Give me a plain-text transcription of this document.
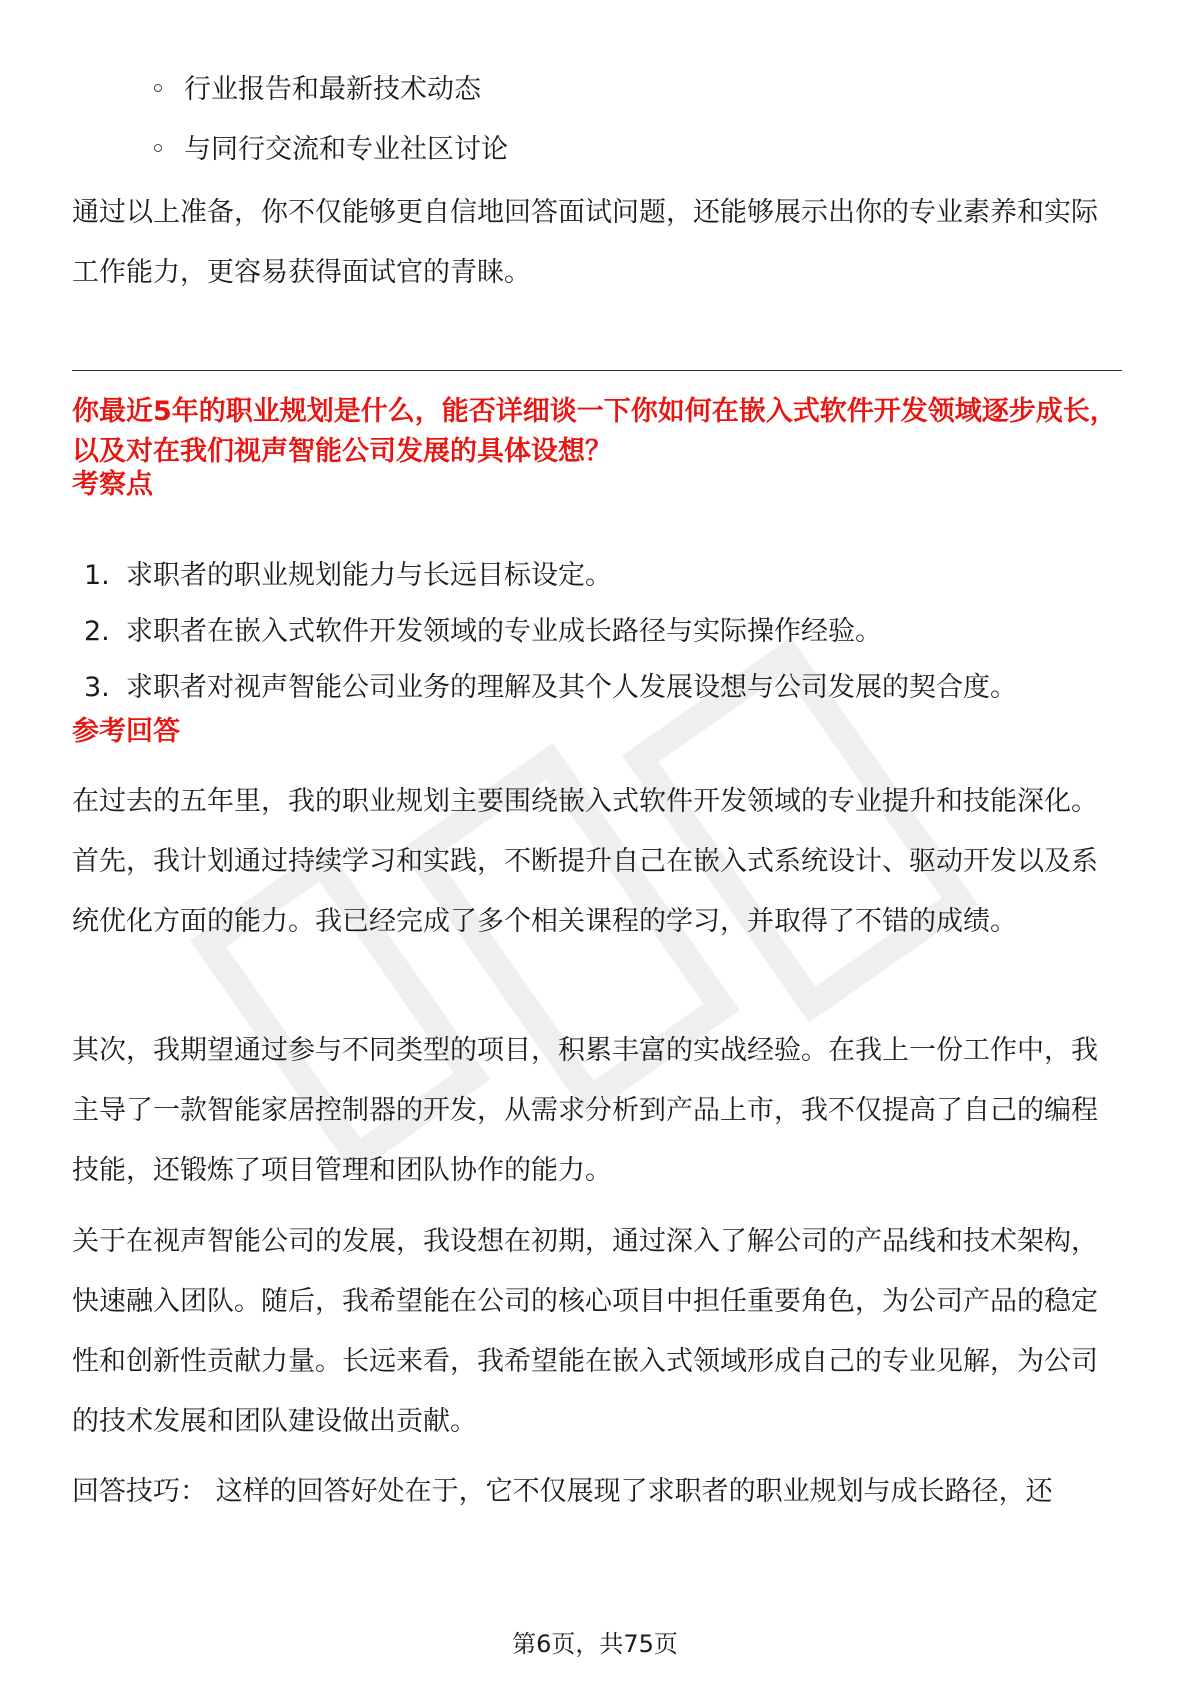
◦ 行业报告和最新技术动态
◦ 与同行交流和专业社区讨论

通过以上准备，你不仅能够更自信地回答面试问题，还能够展示出你的专业素养和实际工作能力，更容易获得面试官的青睐。

你最近5年的职业规划是什么，能否详细谈一下你如何在嵌入式软件开发领域逐步成长，以及对在我们视声智能公司发展的具体设想？

考察点

1. 求职者的职业规划能力与长远目标设定。
2. 求职者在嵌入式软件开发领域的专业成长路径与实际操作经验。
3. 求职者对视声智能公司业务的理解及其个人发展设想与公司发展的契合度。

参考回答

在过去的五年里，我的职业规划主要围绕嵌入式软件开发领域的专业提升和技能深化。首先，我计划通过持续学习和实践，不断提升自己在嵌入式系统设计、驱动开发以及系统优化方面的能力。我已经完成了多个相关课程的学习，并取得了不错的成绩。

其次，我期望通过参与不同类型的项目，积累丰富的实战经验。在我上一份工作中，我主导了一款智能家居控制器的开发，从需求分析到产品上市，我不仅提高了自己的编程技能，还锻炼了项目管理和团队协作的能力。

关于在视声智能公司的发展，我设想在初期，通过深入了解公司的产品线和技术架构，快速融入团队。随后，我希望能在公司的核心项目中担任重要角色，为公司产品的稳定性和创新性贡献力量。长远来看，我希望能在嵌入式领域形成自己的专业见解，为公司的技术发展和团队建设做出贡献。

回答技巧： 这样的回答好处在于，它不仅展现了求职者的职业规划与成长路径，还

第6页，共75页
